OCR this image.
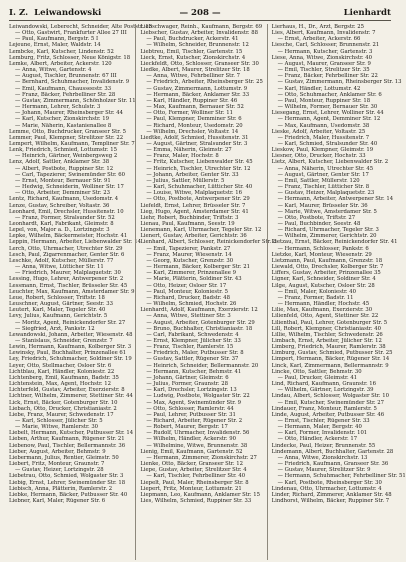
I. Z. Leiwandowski	— 208 —	Lienhardt
Leiwandowski, Leberecht, Schneider, Alte Poststr. 13
— Otto, Gastwirt, Frankfurter Allee 27 III
— Paul, Kaufmann, Bergstr. 5 I
Lejeune, Ernst, Maler, Waldstr. 14
Lembcke, Karl, Kutscher, Lindenstr. 52
Lemburg, Fritz, Schlosser, Neue Königstr. 18
Lemke, Albert, Arbeiter, Ackerstr. 120
— Anna, Witwe, Gartenstr. 4
— August, Tischler, Brunnenstr. 67 III
— Bernhard, Schuhmacher, Invalidenstr. 9
— Emil, Kaufmann, Chausseestr. 33
— Franz, Bäcker, Fehrbelliner Str. 28
— Gustav, Zimmermann, Schönholzer Str. 11
— Hermann, Lehrer, Schulstr. 3
— Johann, Maurer, Rheinsberger Str. 44
— Karl, Kutscher, Zionskirchstr. 19
— Marie, Näherin, Kastanienallee 8
Lemme, Otto, Buchdrucker, Granseer Str. 5
Lemmer, Paul, Klempner, Strelitzer Str. 22
Lempert, Wilhelm, Kaufmann, Templiner Str. 7
Lenk, Friedrich, Schmied, Lottumstr. 15
— Heinrich, Gärtner, Weinbergsweg 2
Lenz, Adolf, Sattler, Anklamer Str. 38
— Albert, Postbote, Ruppiner Str. 12
— Carl, Tapezierer, Swinemünder Str. 60
— Ernst, Monteur, Bernauer Str. 91
— Hedwig, Schneiderin, Wolliner Str. 17
— Otto, Arbeiter, Demminer Str. 23
Lentz, Richard, Kaufmann, Usedomstr. 4
Lenze, Gustav, Schreiber, Voltastr. 36
Leonhard, Emil, Drechsler, Hussitenstr. 10
— Franz, Former, Stralsunder Str. 52
Leonhardt, Karl, Fabrikant, Gleimstr. 8
Lepel, von, Major a. D., Lortzingstr. 3
Lepke, Wilhelm, Bäckermeister, Hochstr. 41
Leppin, Hermann, Arbeiter, Liebenwalder Str. 14
Lerch, Otto, Uhrmacher, Utrechter Str. 29
Lesch, Paul, Zigarrenmacher, Genter Str. 6
Leschke, Adolf, Kutscher, Müllerstr. 77
— Anna, Witwe, Lütticher Str. 11
— Friedrich, Maurer, Malplaquetstr. 30
Lessing, Hugo, Lehrer, Antwerpener Str. 2
Lessmann, Ernst, Tischler, Brüsseler Str. 45
Leuchter, Max, Kaufmann, Amsterdamer Str. 9
Leue, Robert, Schlosser, Triftstr. 18
Leuschner, August, Gärtner, Seestr. 33
Leutert, Karl, Maler, Tegeler Str. 40
Levy, Julius, Kaufmann, Gerichtstr. 5
— Moritz, Agent, Reinickendorfer Str. 27
— Siegfried, Arzt, Pankstr. 12
Lewandowski, Johann, Arbeiter, Wiesenstr. 48
— Stanislaus, Schneider, Grenzstr. 7
Lewin, Hermann, Kaufmann, Kolberger Str. 3
Lewinsky, Paul, Buchhalter, Prinzenallee 61
Ley, Friedrich, Schuhmacher, Soldiner Str. 19
Leyer, Otto, Stellmacher, Osloer Str. 6
Lichtblau, Karl, Händler, Koloniestr. 22
Lichtenberg, Emil, Kaufmann, Badstr. 35
Lichtenstein, Max, Agent, Hochstr. 12
Lichterfeld, Gustav, Arbeiter, Exerzierstr. 8
Lichtner, Wilhelm, Zimmerer, Stettiner Str. 44
Lick, Ernst, Bäcker, Gotenburger Str. 10
Liebach, Otto, Drucker, Christianiastr. 2
Liebe, Franz, Maurer, Schwedenstr. 17
— Karl, Schlosser, Jülicher Str. 5
— Marie, Witwe, Ramlerstr. 30
Liebelt, Hermann, Kutscher, Putbusser Str. 14
Lieben, Arthur, Kaufmann, Rügener Str. 21
Liebenow, Paul, Tischler, Bellermannstr. 36
Lieber, August, Arbeiter, Behmstr. 9
Liebermann, Julius, Rentier, Gleimstr. 50
Liebert, Fritz, Monteur, Graunstr. 7
— Gustav, Heizer, Lortzingstr. 28
Liebetrau, Otto, Schmied, Wolgaster Str. 3
Liebig, Ernst, Lehrer, Swinemünder Str. 18
Liebisch, Anna, Plätterin, Ramlerstr. 2
Liebke, Hermann, Bäcker, Putbusser Str. 40
Liebner, Karl, Maler, Rügener Str. 6
Liebschwager, Reinh., Kaufmann, Bergstr. 69
Liebscher, Gustav, Arbeiter, Invalidenstr. 88
— Paul, Buchdrucker, Ackerstr. 41
— Wilhelm, Schneider, Brunnenstr. 12
Liebtreu, Emil, Tischler, Gartenstr. 15
Lieck, Ernst, Kutscher, Zionskirchstr. 4
Lieckfeldt, Otto, Schlosser, Granseer Str. 30
Liedke, Albert, Maurer, Strelitzer Str. 18
— Anna, Witwe, Fehrbelliner Str. 7
— Friedrich, Arbeiter, Rheinsberger Str. 25
— Gustav, Zimmermann, Lottumstr. 9
— Hermann, Bäcker, Anklamer Str. 33
— Karl, Händler, Ruppiner Str. 46
— Max, Kaufmann, Bernauer Str. 52
— Otto, Former, Wolliner Str. 11
— Paul, Klempner, Demminer Str. 6
— Richard, Monteur, Usedomstr. 20
— Wilhelm, Drechsler, Voltastr. 14
Liedtke, Adolf, Schmied, Hussitenstr. 31
— August, Gärtner, Stralsunder Str. 3
— Emma, Näherin, Gleimstr. 27
— Franz, Maler, Hochstr. 8
— Fritz, Kutscher, Liebenwalder Str. 45
— Heinrich, Tischler, Utrechter Str. 12
— Johann, Arbeiter, Genter Str. 33
— Julius, Sattler, Müllerstr. 5
— Karl, Schuhmacher, Lütticher Str. 40
— Louise, Witwe, Malplaquetstr. 16
— Otto, Postbote, Antwerpener Str. 29
Liefeldt, Ernst, Lehrer, Brüsseler Str. 7
Lieg, Hugo, Agent, Amsterdamer Str. 41
Liehr, Robert, Buchbinder, Triftstr. 3
Lienau, Paul, Kaufmann, Seestr. 19
Lienemann, Karl, Uhrmacher, Tegeler Str. 12
Lienert, Gustav, Arbeiter, Gerichtstr. 36
Lienhard, Albert, Schlosser, Reinickendorfer Str. 8
— Emil, Tapezierer, Pankstr. 27
— Franz, Maurer, Wiesenstr. 14
— Georg, Kutscher, Grenzstr. 30
— Hermann, Bäcker, Kolberger Str. 21
— Karl, Zimmerer, Prinzenallee 9
— Marie, Plätterin, Soldiner Str. 43
— Otto, Heizer, Osloer Str. 17
— Paul, Monteur, Koloniestr. 5
— Richard, Drucker, Badstr. 48
— Wilhelm, Schmied, Hochstr. 26
Lienhardt, Adolf, Kaufmann, Exerzierstr. 12
— Anna, Witwe, Stettiner Str. 3
— August, Arbeiter, Gotenburger Str. 29
— Bruno, Buchhalter, Christianiastr. 18
— Carl, Fabrikant, Schwedenstr. 4
— Ernst, Klempner, Jülicher Str. 33
— Franz, Tischler, Ramlerstr. 15
— Friedrich, Maler, Putbusser Str. 8
— Gustav, Sattler, Rügener Str. 37
— Heinrich, Schneider, Bellermannstr. 20
— Hermann, Kutscher, Behmstr. 41
— Johann, Gärtner, Gleimstr. 6
— Julius, Former, Graunstr. 28
— Karl, Drechsler, Lortzingstr. 13
— Ludwig, Postbote, Wolgaster Str. 22
— Max, Agent, Swinemünder Str. 9
— Otto, Schlosser, Ramlerstr. 44
— Paul, Lehrer, Putbusser Str. 31
— Richard, Arbeiter, Rügener Str. 2
— Robert, Maurer, Bergstr. 17
— Rudolf, Uhrmacher, Invalidenstr. 56
— Wilhelm, Händler, Ackerstr. 90
— Wilhelmine, Witwe, Brunnenstr. 38
Lienig, Emil, Kaufmann, Gartenstr. 52
— Hermann, Zimmerer, Zionskirchstr. 27
Lienke, Otto, Bäcker, Granseer Str. 12
Liepe, Gustav, Arbeiter, Strelitzer Str. 4
— Karl, Tischler, Fehrbelliner Str. 40
Liepelt, Paul, Maler, Rheinsberger Str. 8
Liepert, Fritz, Monteur, Lottumstr. 21
Liepmann, Leo, Kaufmann, Anklamer Str. 15
Lies, Wilhelm, Schmied, Ruppiner Str. 33
Lierhaus, H., Dr., Arzt, Bergstr. 25
Lies, Albert, Kaufmann, Invalidenstr. 7
— Ernst, Arbeiter, Ackerstr. 66
Liesche, Carl, Schlosser, Brunnenstr. 21
— Hermann, Kutscher, Gartenstr. 3
Liese, Anna, Witwe, Zionskirchstr. 40
— August, Maurer, Granseer Str. 9
— Emil, Tischler, Strelitzer Str. 35
— Franz, Bäcker, Fehrbelliner Str. 22
— Gustav, Zimmermann, Rheinsberger Str. 13
— Karl, Händler, Lottumstr. 42
— Otto, Schuhmacher, Anklamer Str. 6
— Paul, Monteur, Ruppiner Str. 18
— Wilhelm, Former, Bernauer Str. 30
Liesegang, Ernst, Lehrer, Wolliner Str. 44
— Hermann, Agent, Demminer Str. 12
— Max, Kaufmann, Usedomstr. 38
Lieske, Adolf, Arbeiter, Voltastr. 25
— Friedrich, Maler, Hussitenstr. 7
— Karl, Schmied, Stralsunder Str. 40
Lieskow, Paul, Klempner, Gleimstr. 19
Liesner, Otto, Drucker, Hochstr. 33
Lietz, Albert, Kutscher, Liebenwalder Str. 2
— Anna, Näherin, Utrechter Str. 45
— August, Gärtner, Genter Str. 17
— Emil, Sattler, Müllerstr. 120
— Franz, Tischler, Lütticher Str. 8
— Gustav, Heizer, Malplaquetstr. 23
— Hermann, Arbeiter, Antwerpener Str. 14
— Karl, Maurer, Brüsseler Str. 36
— Marie, Witwe, Amsterdamer Str. 5
— Otto, Postbote, Triftstr. 27
— Paul, Buchbinder, Seestr. 48
— Richard, Uhrmacher, Tegeler Str. 3
— Wilhelm, Zimmerer, Gerichtstr. 20
Lietzau, Ernst, Bäcker, Reinickendorfer Str. 41
— Hermann, Schlosser, Pankstr. 6
Lietzke, Karl, Monteur, Wiesenstr. 29
Lietzmann, Paul, Kaufmann, Grenzstr. 18
Liewald, Otto, Drechsler, Kolberger Str. 7
Liffers, Gustav, Arbeiter, Prinzenallee 35
Ligner, Karl, Schneider, Soldiner Str. 4
Lilge, August, Kutscher, Osloer Str. 28
— Emil, Maler, Koloniestr. 40
— Franz, Former, Badstr. 11
— Hermann, Händler, Hochstr. 45
Lilie, Max, Kaufmann, Exerzierstr. 30
Lilienfeld, Otto, Agent, Stettiner Str. 22
Lilienthal, Paul, Lehrer, Gotenburger Str. 5
Lill, Robert, Klempner, Christianiastr. 40
Lillie, Wilhelm, Tischler, Schwedenstr. 26
Limbach, Ernst, Arbeiter, Jülicher Str. 12
Limberg, Friedrich, Maurer, Ramlerstr. 38
Limburg, Gustav, Schmied, Putbusser Str. 25
Limpert, Hermann, Bäcker, Rügener Str. 14
Linck, Karl, Zimmermann, Bellermannstr. 9
Lincke, Otto, Sattler, Behmstr. 30
— Paul, Drucker, Gleimstr. 41
Lind, Richard, Kaufmann, Graunstr. 16
— Wilhelm, Gärtner, Lortzingstr. 39
Lindau, Albert, Schlosser, Wolgaster Str. 10
— Emil, Kutscher, Swinemünder Str. 27
Lindauer, Franz, Monteur, Ramlerstr. 5
Linde, August, Arbeiter, Putbusser Str. 46
— Ernst, Tischler, Rügener Str. 33
— Hermann, Maler, Bergstr. 40
— Karl, Former, Invalidenstr. 101
— Otto, Händler, Ackerstr. 17
Lindecke, Paul, Heizer, Brunnenstr. 55
Lindemann, Albert, Buchhalter, Gartenstr. 28
— Anna, Witwe, Zionskirchstr. 13
— Friedrich, Kaufmann, Granseer Str. 36
— Gustav, Maurer, Strelitzer Str. 9
— Hermann, Schuhmacher, Fehrbelliner Str. 51
— Karl, Postbote, Rheinsberger Str. 30
Lindenau, Otto, Uhrmacher, Lottumstr. 4
Linder, Richard, Zimmerer, Anklamer Str. 48
Lindhorst, Wilhelm, Bäcker, Ruppiner Str. 7
